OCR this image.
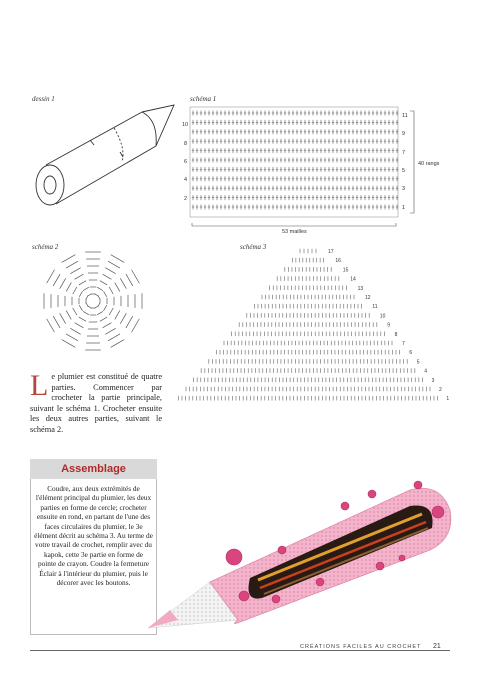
dessin 1	schéma 1
schéma 2	schéma 3
10
8
6
4
2
11
9
7
5
3
1
40 rangs
53 mailles
17
16
15
14
13
12
11
10
9
8
7
6
5
4
3
2
1
Le plumier est constitué de quatre parties. Commencer par crocheter la partie principale, suivant le schéma 1. Crocheter ensuite les deux autres parties, suivant le schéma 2.
Assemblage
Coudre, aux deux extrémités de l'élément principal du plumier, les deux parties en forme de cercle; crocheter ensuite en rond, en partant de l'une des faces circulaires du plumier, le 3e élément décrit au schéma 3. Au terme de votre travail de crochet, remplir avec du kapok, cette 3e partie en forme de pointe de crayon. Coudre la fermeture Éclair à l'intérieur du plumier, puis le décorer avec les boutons.
CRÉATIONS FACILES AU CROCHET 21
